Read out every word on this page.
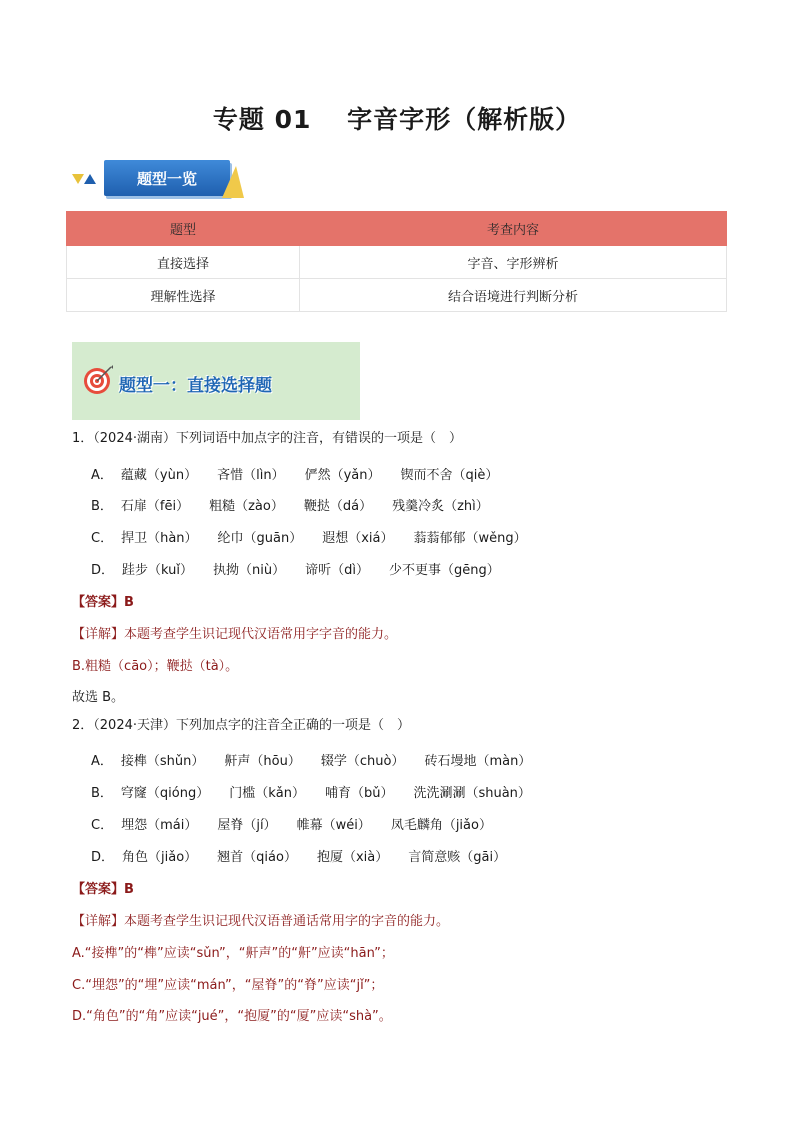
专题 01　 字音字形（解析版）
题型一览
题型	考查内容
直接选择	字音、字形辨析
理解性选择	结合语境进行判断分析
题型一：直接选择题
1．（2024·湖南）下列词语中加点字的注音，有错误的一项是（　）
A． 蕴藏（yùn） 吝惜（lìn） 俨然（yǎn） 锲而不舍（qiè）
B． 石扉（fēi） 粗糙（zào） 鞭挞（dá） 残羹冷炙（zhì）
C． 捍卫（hàn） 纶巾（guān） 遐想（xiá） 蓊蓊郁郁（wěng）
D． 跬步（kuǐ） 执拗（niù） 谛听（dì） 少不更事（gēng）
【答案】B
【详解】本题考查学生识记现代汉语常用字字音的能力。
B.粗糙（cāo）；鞭挞（tà）。
故选 B。
2．（2024·天津）下列加点字的注音全正确的一项是（　）
A． 接榫（shǔn） 鼾声（hōu） 辍学（chuò） 砖石墁地（màn）
B． 穹窿（qióng） 门槛（kǎn） 哺育（bǔ） 洗洗涮涮（shuàn）
C． 埋怨（mái） 屋脊（jí） 帷幕（wéi） 凤毛麟角（jiǎo）
D． 角色（jiǎo） 翘首（qiáo） 抱厦（xià） 言简意赅（gāi）
【答案】B
【详解】本题考查学生识记现代汉语普通话常用字的字音的能力。
A.“接榫”的“榫”应读“sǔn”，“鼾声”的“鼾”应读“hān”；
C.“埋怨”的“埋”应读“mán”，“屋脊”的“脊”应读“jǐ”；
D.“角色”的“角”应读“jué”，“抱厦”的“厦”应读“shà”。
